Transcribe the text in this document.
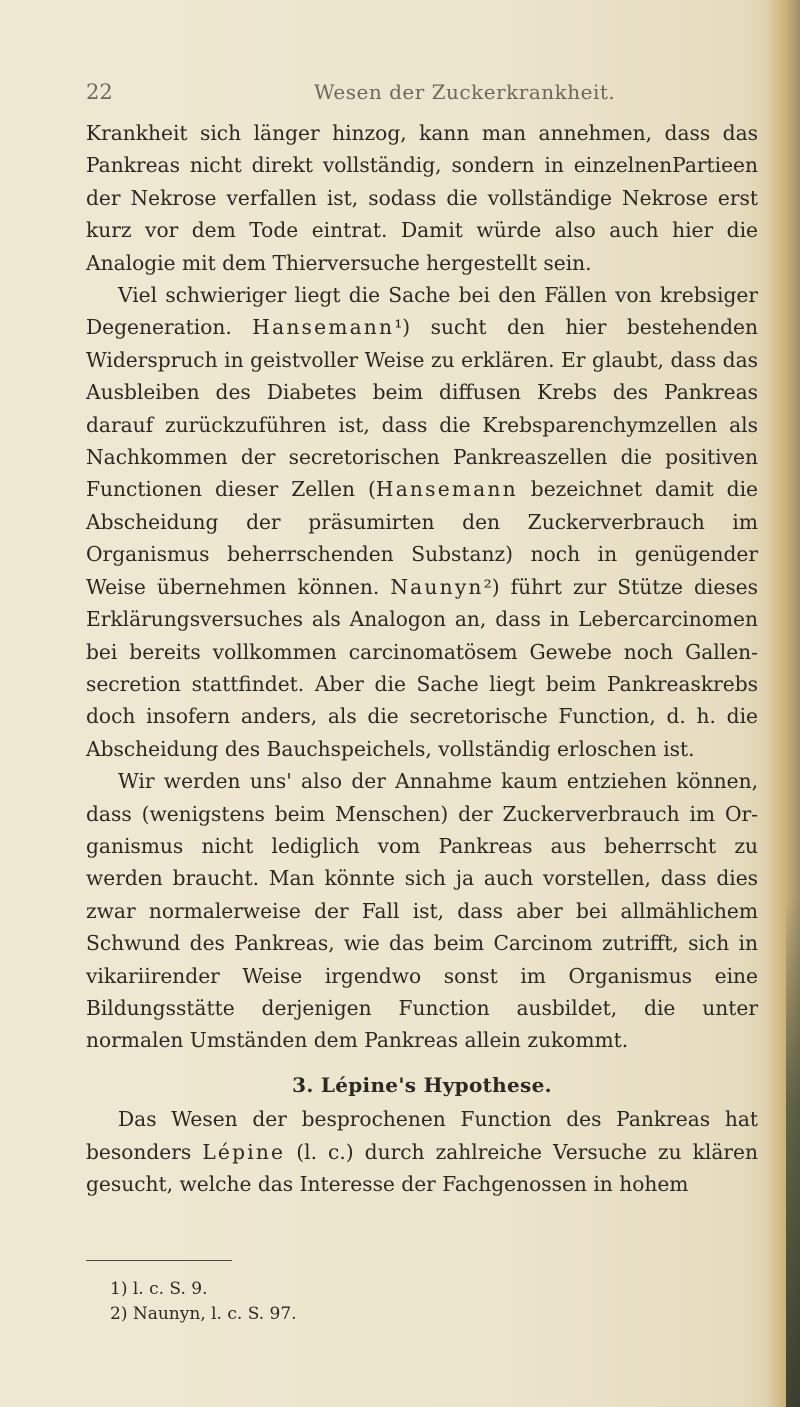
22	Wesen der Zuckerkrankheit.

Krankheit sich länger hinzog, kann man annehmen, dass das Pankreas nicht direkt vollständig, sondern in einzelnenPartieen der Nekrose verfallen ist, sodass die vollständige Nekrose erst kurz vor dem Tode eintrat. Damit würde also auch hier die Analogie mit dem Thierversuche hergestellt sein.

Viel schwieriger liegt die Sache bei den Fällen von krebsiger Degeneration. Hansemann¹) sucht den hier bestehenden Widerspruch in geistvoller Weise zu erklären. Er glaubt, dass das Ausbleiben des Diabetes beim diffusen Krebs des Pankreas darauf zurückzuführen ist, dass die Krebsparenchymzellen als Nachkommen der secretorischen Pankreaszellen die positiven Functionen dieser Zellen (Hansemann bezeichnet damit die Abscheidung der präsumirten den Zuckerverbrauch im Organismus beherrschenden Substanz) noch in genügender Weise übernehmen können. Naunyn²) führt zur Stütze dieses Erklärungsversuches als Analogon an, dass in Lebercarcinomen bei bereits vollkommen carcinomatösem Gewebe noch Gallensecretion stattfindet. Aber die Sache liegt beim Pankreaskrebs doch insofern anders, als die secretorische Function, d. h. die Abscheidung des Bauchspeichels, vollständig erloschen ist.

Wir werden uns' also der Annahme kaum entziehen können, dass (wenigstens beim Menschen) der Zuckerverbrauch im Organismus nicht lediglich vom Pankreas aus beherrscht zu werden braucht. Man könnte sich ja auch vorstellen, dass dies zwar normalerweise der Fall ist, dass aber bei allmählichem Schwund des Pankreas, wie das beim Carcinom zutrifft, sich in vikariirender Weise irgendwo sonst im Organismus eine Bildungsstätte derjenigen Function ausbildet, die unter normalen Umständen dem Pankreas allein zukommt.

3. Lépine's Hypothese.

Das Wesen der besprochenen Function des Pankreas hat besonders Lépine (l. c.) durch zahlreiche Versuche zu klären gesucht, welche das Interesse der Fachgenossen in hohem

1) l. c. S. 9.
2) Naunyn, l. c. S. 97.
